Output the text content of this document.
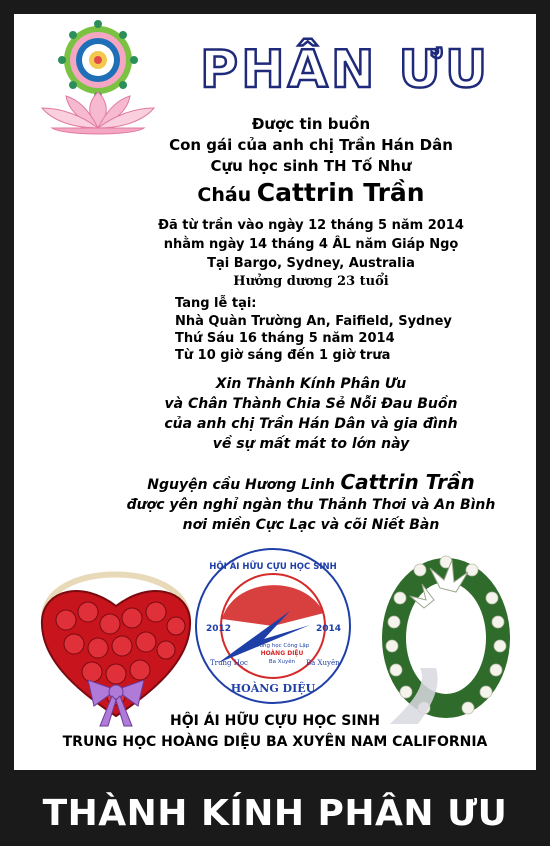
PHÂN ƯU
Được tin buồn
Con gái của anh chị Trần Hán Dân
Cựu học sinh TH Tố Như
Cháu Cattrin Trần
Đã từ trần vào ngày 12 tháng 5 năm 2014
nhằm ngày 14 tháng 4 ÂL năm Giáp Ngọ
Tại Bargo, Sydney, Australia
Hưởng dương 23 tuổi
Tang lễ tại:
Nhà Quàn Trường An, Faifield, Sydney
Thứ Sáu 16 tháng 5 năm 2014
Từ 10 giờ sáng đến 1 giờ trưa
Xin Thành Kính Phân Ưu
và Chân Thành Chia Sẻ Nỗi Đau Buồn
của anh chị Trần Hán Dân và gia đình
về sự mất mát to lớn này
Nguyện cầu Hương Linh Cattrin Trần
được yên nghỉ ngàn thu Thảnh Thơi và An Bình
nơi miền Cực Lạc và cõi Niết Bàn
HỘI ÁI HỮU CỰU HỌC SINH
2012	2014
Trung học Công Lập
HOÀNG DIỆU
Ba Xuyên
Trung Học	Ba Xuyên
HOÀNG DIỆU
HỘI ÁI HỮU CỰU HỌC SINH
TRUNG HỌC HOÀNG DIỆU BA XUYÊN NAM CALIFORNIA
THÀNH KÍNH PHÂN ƯU
